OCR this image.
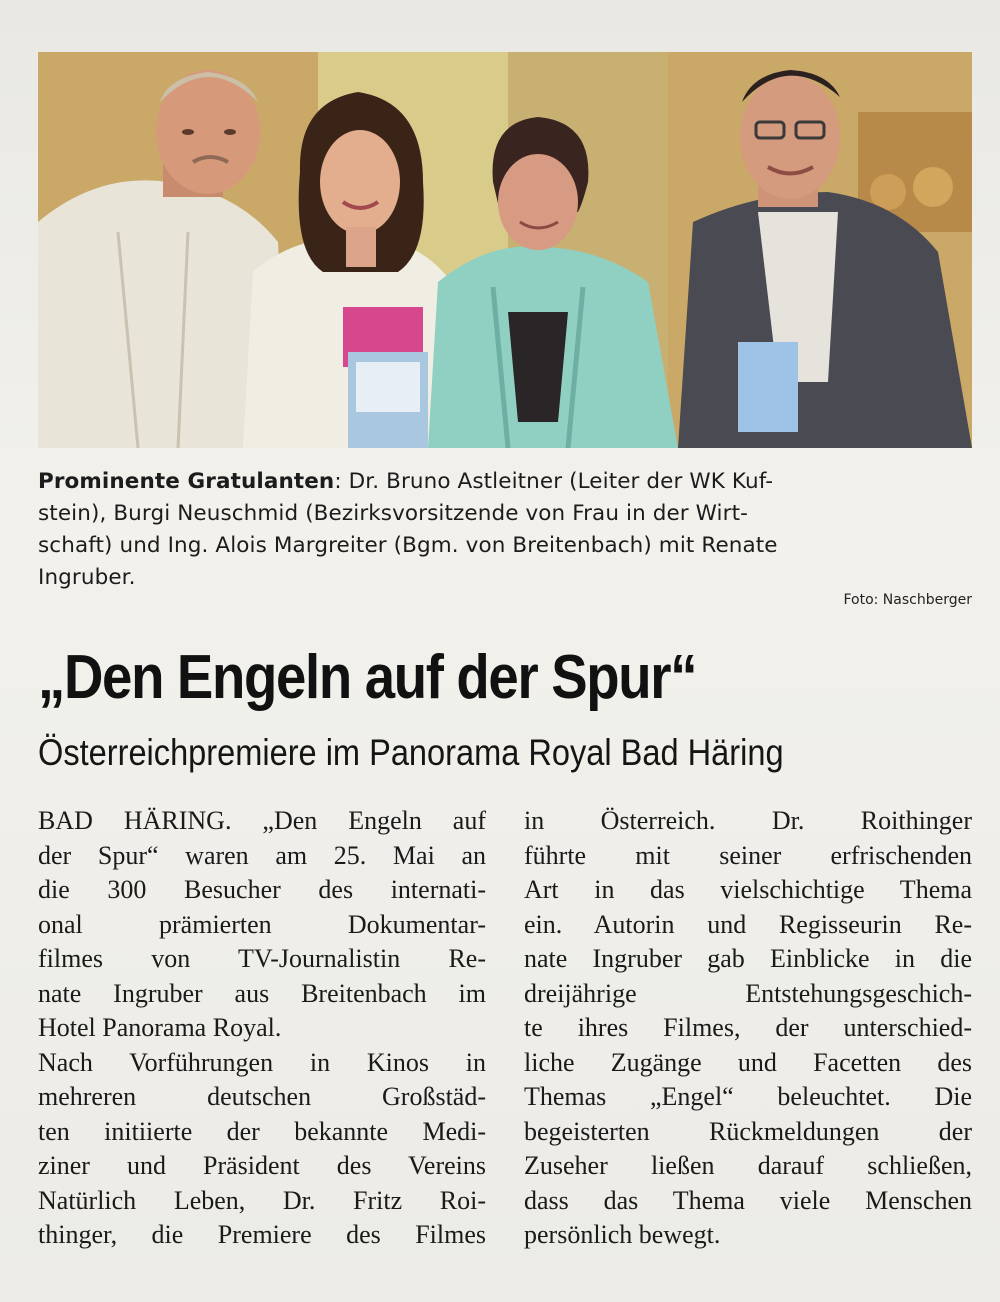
Prominente Gratulanten: Dr. Bruno Astleitner (Leiter der WK Kuf-
stein), Burgi Neuschmid (Bezirksvorsitzende von Frau in der Wirt-
schaft) und Ing. Alois Margreiter (Bgm. von Breitenbach) mit Renate
Ingruber.
Foto: Naschberger
„Den Engeln auf der Spur“
Österreichpremiere im Panorama Royal Bad Häring
BAD HÄRING. „Den Engeln auf
der Spur“ waren am 25. Mai an
die 300 Besucher des internati-
onal prämierten Dokumentar-
filmes von TV-Journalistin Re-
nate Ingruber aus Breitenbach im
Hotel Panorama Royal.
Nach Vorführungen in Kinos in
mehreren deutschen Großstäd-
ten initiierte der bekannte Medi-
ziner und Präsident des Vereins
Natürlich Leben, Dr. Fritz Roi-
thinger, die Premiere des Filmes
in Österreich. Dr. Roithinger
führte mit seiner erfrischenden
Art in das vielschichtige Thema
ein. Autorin und Regisseurin Re-
nate Ingruber gab Einblicke in die
dreijährige Entstehungsgeschich-
te ihres Filmes, der unterschied-
liche Zugänge und Facetten des
Themas „Engel“ beleuchtet. Die
begeisterten Rückmeldungen der
Zuseher ließen darauf schließen,
dass das Thema viele Menschen
persönlich bewegt.
